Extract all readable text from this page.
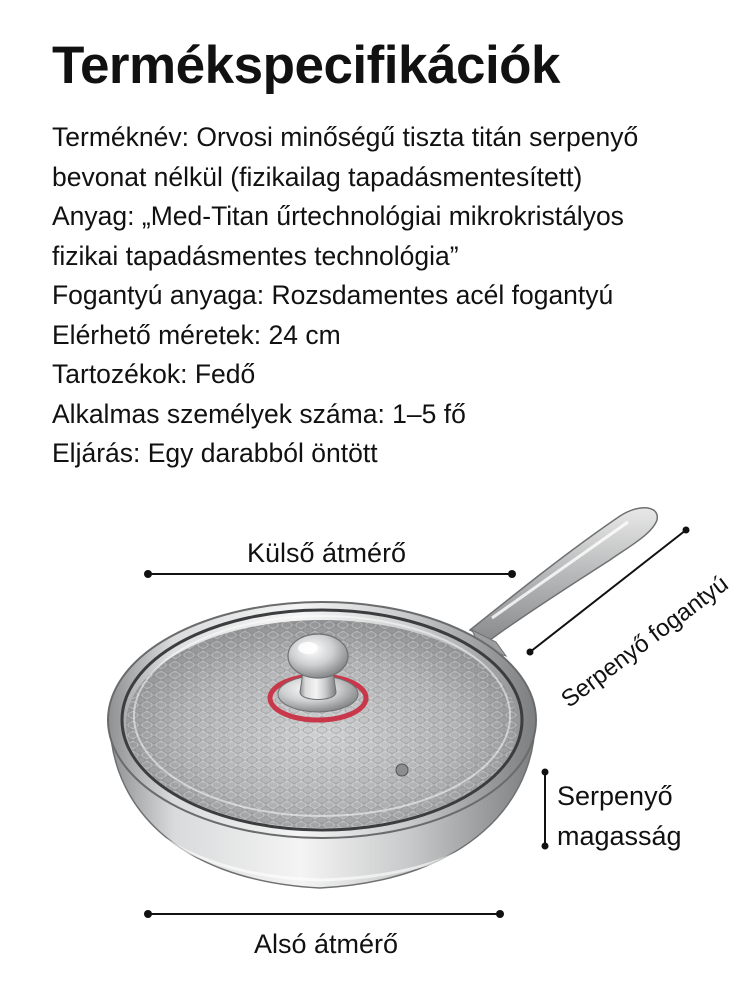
Termékspecifikációk
Terméknév: Orvosi minőségű tiszta titán serpenyő
bevonat nélkül (fizikailag tapadásmentesített)
Anyag: „Med-Titan űrtechnológiai mikrokristályos
fizikai tapadásmentes technológia”
Fogantyú anyaga: Rozsdamentes acél fogantyú
Elérhető méretek: 24 cm
Tartozékok: Fedő
Alkalmas személyek száma: 1–5 fő
Eljárás: Egy darabból öntött
Külső átmérő
Serpenyő fogantyú
Serpenyő
magasság
Alsó átmérő
